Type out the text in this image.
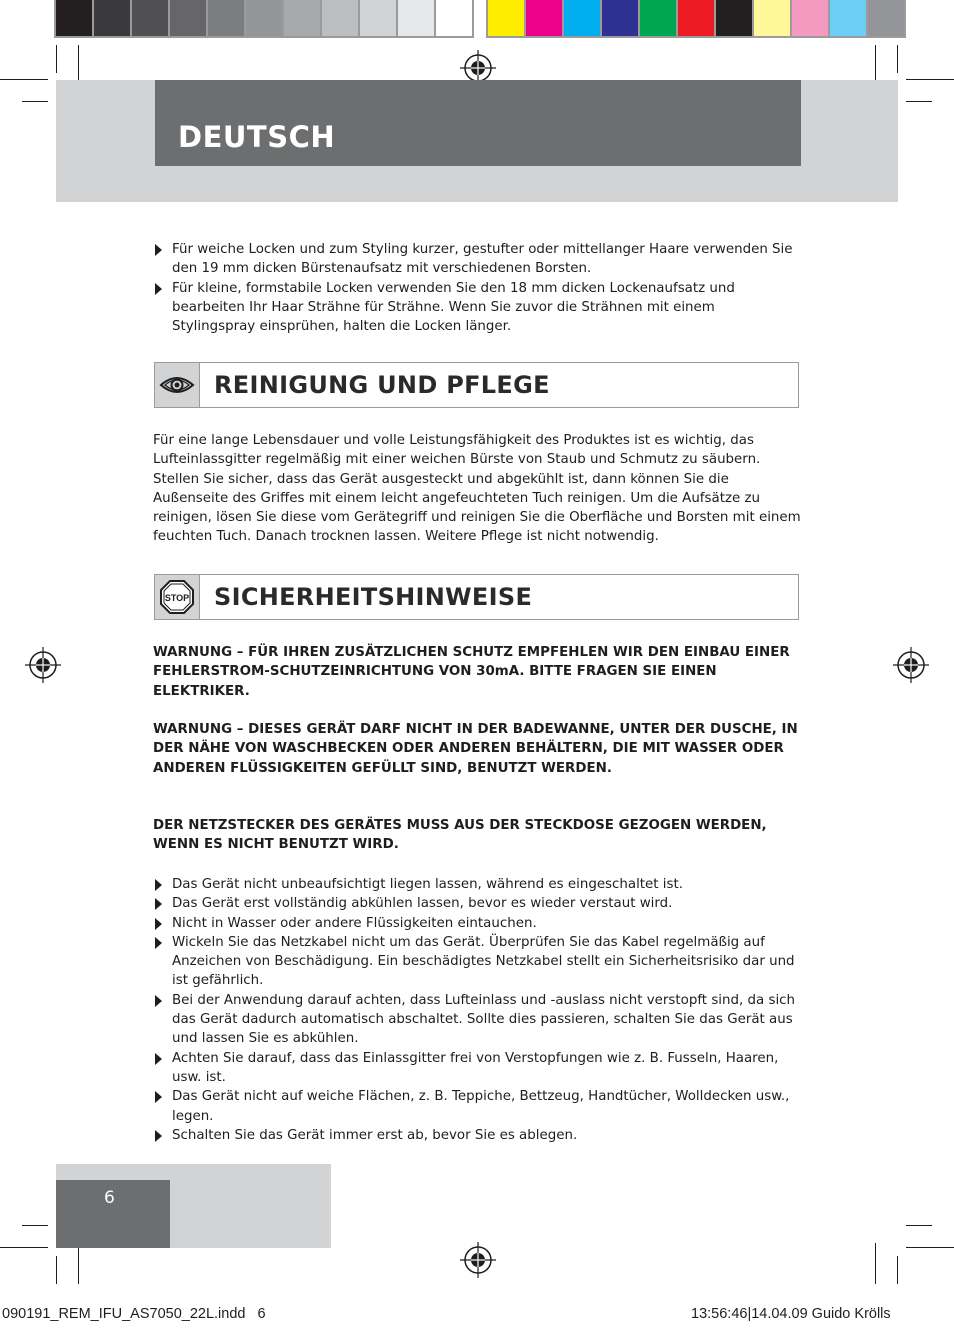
DEUTSCH
Für weiche Locken und zum Styling kurzer, gestufter oder mittellanger Haare verwenden Sie den 19 mm dicken Bürstenaufsatz mit verschiedenen Borsten.
Für kleine, formstabile Locken verwenden Sie den 18 mm dicken Lockenaufsatz und bearbeiten Ihr Haar Strähne für Strähne. Wenn Sie zuvor die Strähnen mit einem Stylingspray einsprühen, halten die Locken länger.
REINIGUNG UND PFLEGE

Für eine lange Lebensdauer und volle Leistungsfähigkeit des Produktes ist es wichtig, das Lufteinlassgitter regelmäßig mit einer weichen Bürste von Staub und Schmutz zu säubern. Stellen Sie sicher, dass das Gerät ausgesteckt und abgekühlt ist, dann können Sie die Außenseite des Griffes mit einem leicht angefeuchteten Tuch reinigen. Um die Aufsätze zu reinigen, lösen Sie diese vom Gerätegriff und reinigen Sie die Oberfläche und Borsten mit einem feuchten Tuch. Danach trocknen lassen. Weitere Pflege ist nicht notwendig.

STOP SICHERHEITSHINWEISE

WARNUNG – FÜR IHREN ZUSÄTZLICHEN SCHUTZ EMPFEHLEN WIR DEN EINBAU EINER FEHLERSTROM-SCHUTZEINRICHTUNG VON 30mA. BITTE FRAGEN SIE EINEN ELEKTRIKER.

WARNUNG – DIESES GERÄT DARF NICHT IN DER BADEWANNE, UNTER DER DUSCHE, IN DER NÄHE VON WASCHBECKEN ODER ANDEREN BEHÄLTERN, DIE MIT WASSER ODER ANDEREN FLÜSSIGKEITEN GEFÜLLT SIND, BENUTZT WERDEN.

DER NETZSTECKER DES GERÄTES MUSS AUS DER STECKDOSE GEZOGEN WERDEN, WENN ES NICHT BENUTZT WIRD.

Das Gerät nicht unbeaufsichtigt liegen lassen, während es eingeschaltet ist.
Das Gerät erst vollständig abkühlen lassen, bevor es wieder verstaut wird.
Nicht in Wasser oder andere Flüssigkeiten eintauchen.
Wickeln Sie das Netzkabel nicht um das Gerät. Überprüfen Sie das Kabel regelmäßig auf Anzeichen von Beschädigung. Ein beschädigtes Netzkabel stellt ein Sicherheitsrisiko dar und ist gefährlich.
Bei der Anwendung darauf achten, dass Lufteinlass und -auslass nicht verstopft sind, da sich das Gerät dadurch automatisch abschaltet. Sollte dies passieren, schalten Sie das Gerät aus und lassen Sie es abkühlen.
Achten Sie darauf, dass das Einlassgitter frei von Verstopfungen wie z. B. Fusseln, Haaren, usw. ist.
Das Gerät nicht auf weiche Flächen, z. B. Teppiche, Bettzeug, Handtücher, Wolldecken usw., legen.
Schalten Sie das Gerät immer erst ab, bevor Sie es ablegen.
6
090191_REM_IFU_AS7050_22L.indd   6	13:56:46|14.04.09 Guido Krölls
